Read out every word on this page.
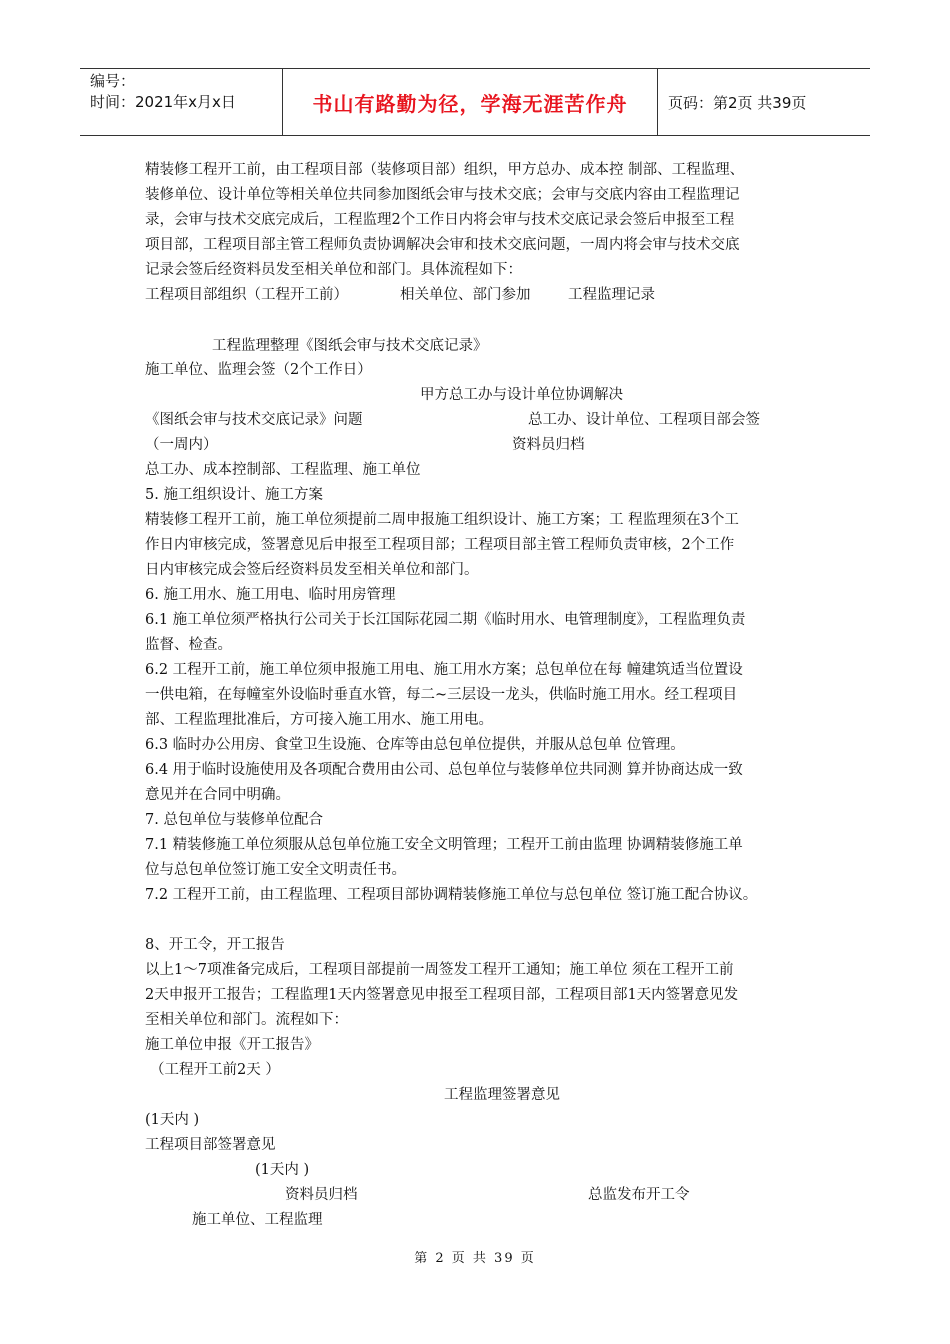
编号：
时间：2021年x月x日	书山有路勤为径，学海无涯苦作舟	页码：第2页 共39页
精装修工程开工前，由工程项目部（装修项目部）组织，甲方总办、成本控 制部、工程监理、
装修单位、设计单位等相关单位共同参加图纸会审与技术交底；会审与交底内容由工程监理记
录，会审与技术交底完成后，工程监理2个工作日内将会审与技术交底记录会签后申报至工程
项目部，工程项目部主管工程师负责协调解决会审和技术交底问题，一周内将会审与技术交底
记录会签后经资料员发至相关单位和部门。具体流程如下：
工程项目部组织（工程开工前）	相关单位、部门参加	工程监理记录
工程监理整理《图纸会审与技术交底记录》
施工单位、监理会签（2个工作日）
甲方总工办与设计单位协调解决
《图纸会审与技术交底记录》问题	总工办、设计单位、工程项目部会签
（一周内）	资料员归档
总工办、成本控制部、工程监理、施工单位
5. 施工组织设计、施工方案
精装修工程开工前，施工单位须提前二周申报施工组织设计、施工方案；工 程监理须在3个工
作日内审核完成，签署意见后申报至工程项目部；工程项目部主管工程师负责审核，2个工作
日内审核完成会签后经资料员发至相关单位和部门。
6. 施工用水、施工用电、临时用房管理
6.1 施工单位须严格执行公司关于长江国际花园二期《临时用水、电管理制度》，工程监理负责
监督、检查。
6.2 工程开工前，施工单位须申报施工用电、施工用水方案；总包单位在每 幢建筑适当位置设
一供电箱，在每幢室外设临时垂直水管，每二~三层设一龙头，供临时施工用水。经工程项目
部、工程监理批准后，方可接入施工用水、施工用电。
6.3 临时办公用房、食堂卫生设施、仓库等由总包单位提供，并服从总包单 位管理。
6.4 用于临时设施使用及各项配合费用由公司、总包单位与装修单位共同测 算并协商达成一致
意见并在合同中明确。
7. 总包单位与装修单位配合
7.1 精装修施工单位须服从总包单位施工安全文明管理；工程开工前由监理 协调精装修施工单
位与总包单位签订施工安全文明责任书。
7.2 工程开工前，由工程监理、工程项目部协调精装修施工单位与总包单位 签订施工配合协议。
8、开工令，开工报告
以上1～7项准备完成后，工程项目部提前一周签发工程开工通知；施工单位 须在工程开工前
2天申报开工报告；工程监理1天内签署意见申报至工程项目部，工程项目部1天内签署意见发
至相关单位和部门。流程如下：
施工单位申报《开工报告》
（工程开工前2天 ）
工程监理签署意见
(1天内 )
工程项目部签署意见
(1天内 )
资料员归档	总监发布开工令
施工单位、工程监理
第 2 页 共 39 页
